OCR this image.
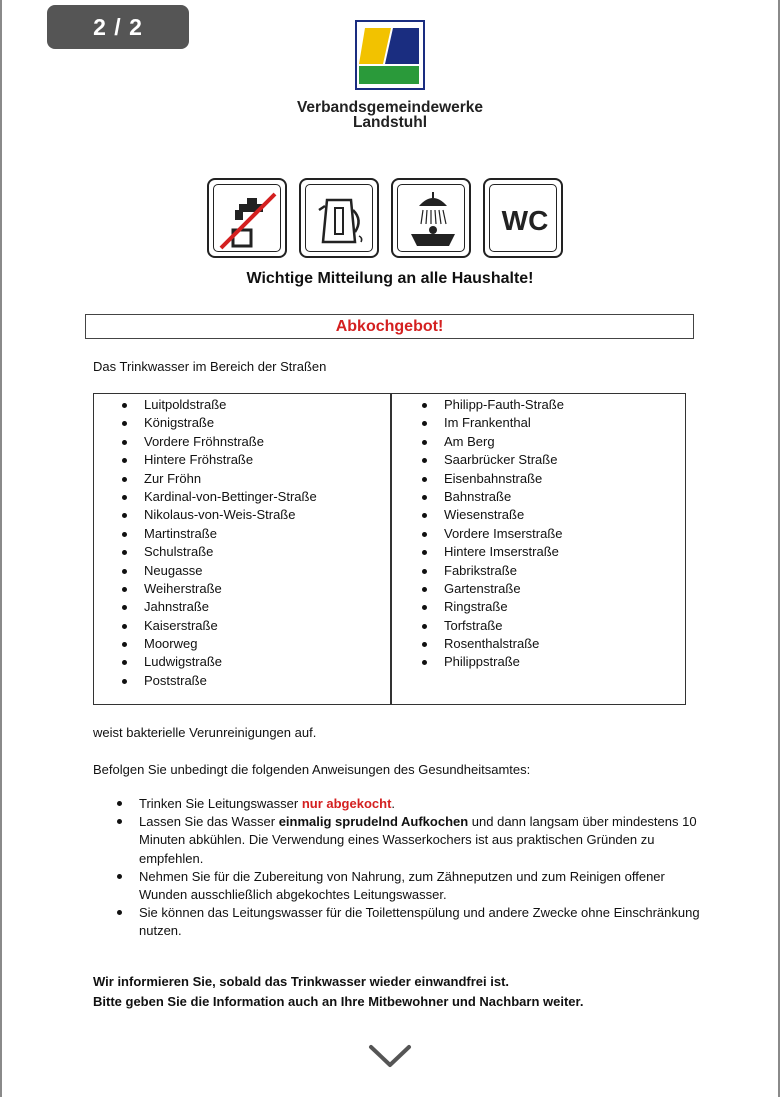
2 / 2
Verbandsgemeindewerke
Landstuhl
WC
Wichtige Mitteilung an alle Haushalte!
Abkochgebot!
Das Trinkwasser im Bereich der Straßen
Luitpoldstraße
Königstraße
Vordere Fröhnstraße
Hintere Fröhstraße
Zur Fröhn
Kardinal-von-Bettinger-Straße
Nikolaus-von-Weis-Straße
Martinstraße
Schulstraße
Neugasse
Weiherstraße
Jahnstraße
Kaiserstraße
Moorweg
Ludwigstraße
Poststraße
Philipp-Fauth-Straße
Im Frankenthal
Am Berg
Saarbrücker Straße
Eisenbahnstraße
Bahnstraße
Wiesenstraße
Vordere Imserstraße
Hintere Imserstraße
Fabrikstraße
Gartenstraße
Ringstraße
Torfstraße
Rosenthalstraße
Philippstraße
weist bakterielle Verunreinigungen auf.
Befolgen Sie unbedingt die folgenden Anweisungen des Gesundheitsamtes:
Trinken Sie Leitungswasser nur abgekocht.
Lassen Sie das Wasser einmalig sprudelnd Aufkochen und dann langsam über mindestens 10 Minuten abkühlen. Die Verwendung eines Wasserkochers ist aus praktischen Gründen zu empfehlen.
Nehmen Sie für die Zubereitung von Nahrung, zum Zähneputzen und zum Reinigen offener Wunden ausschließlich abgekochtes Leitungswasser.
Sie können das Leitungswasser für die Toilettenspülung und andere Zwecke ohne Einschränkung nutzen.
Wir informieren Sie, sobald das Trinkwasser wieder einwandfrei ist.
Bitte geben Sie die Information auch an Ihre Mitbewohner und Nachbarn weiter.
